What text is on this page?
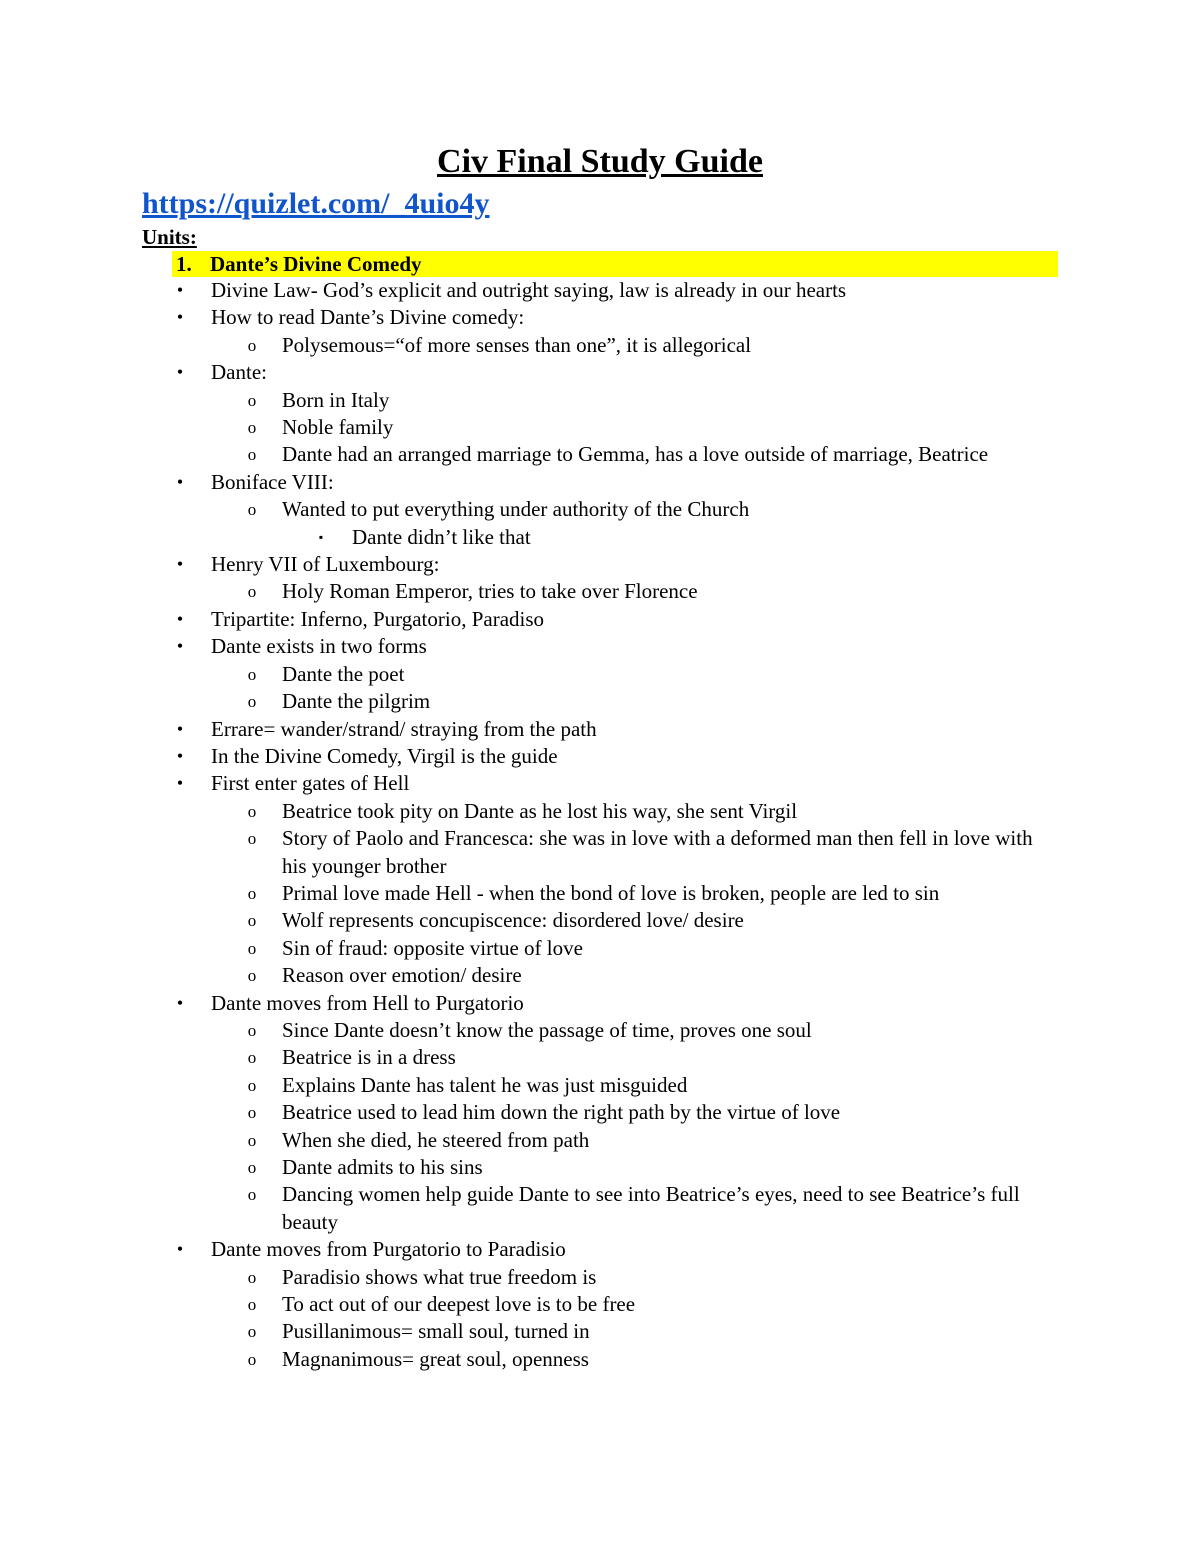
Civ Final Study Guide
https://quizlet.com/_4uio4y
Units:
1. Dante’s Divine Comedy
•	Divine Law- God’s explicit and outright saying, law is already in our hearts
•	How to read Dante’s Divine comedy:
o Polysemous=“of more senses than one”, it is allegorical
•	Dante:
o Born in Italy
o Noble family
o Dante had an arranged marriage to Gemma, has a love outside of marriage, Beatrice
•	Boniface VIII:
o Wanted to put everything under authority of the Church
▪	Dante didn’t like that
•	Henry VII of Luxembourg:
o Holy Roman Emperor, tries to take over Florence
•	Tripartite: Inferno, Purgatorio, Paradiso
•	Dante exists in two forms
o Dante the poet
o Dante the pilgrim
•	Errare= wander/strand/ straying from the path
•	In the Divine Comedy, Virgil is the guide
•	First enter gates of Hell
o Beatrice took pity on Dante as he lost his way, she sent Virgil
o Story of Paolo and Francesca: she was in love with a deformed man then fell in love with his younger brother
o Primal love made Hell - when the bond of love is broken, people are led to sin
o Wolf represents concupiscence: disordered love/ desire
o Sin of fraud: opposite virtue of love
o Reason over emotion/ desire
•	Dante moves from Hell to Purgatorio
o Since Dante doesn’t know the passage of time, proves one soul
o Beatrice is in a dress
o Explains Dante has talent he was just misguided
o Beatrice used to lead him down the right path by the virtue of love
o When she died, he steered from path
o Dante admits to his sins
o Dancing women help guide Dante to see into Beatrice’s eyes, need to see Beatrice’s full beauty
•	Dante moves from Purgatorio to Paradisio
o Paradisio shows what true freedom is
o To act out of our deepest love is to be free
o Pusillanimous= small soul, turned in
o Magnanimous= great soul, openness
